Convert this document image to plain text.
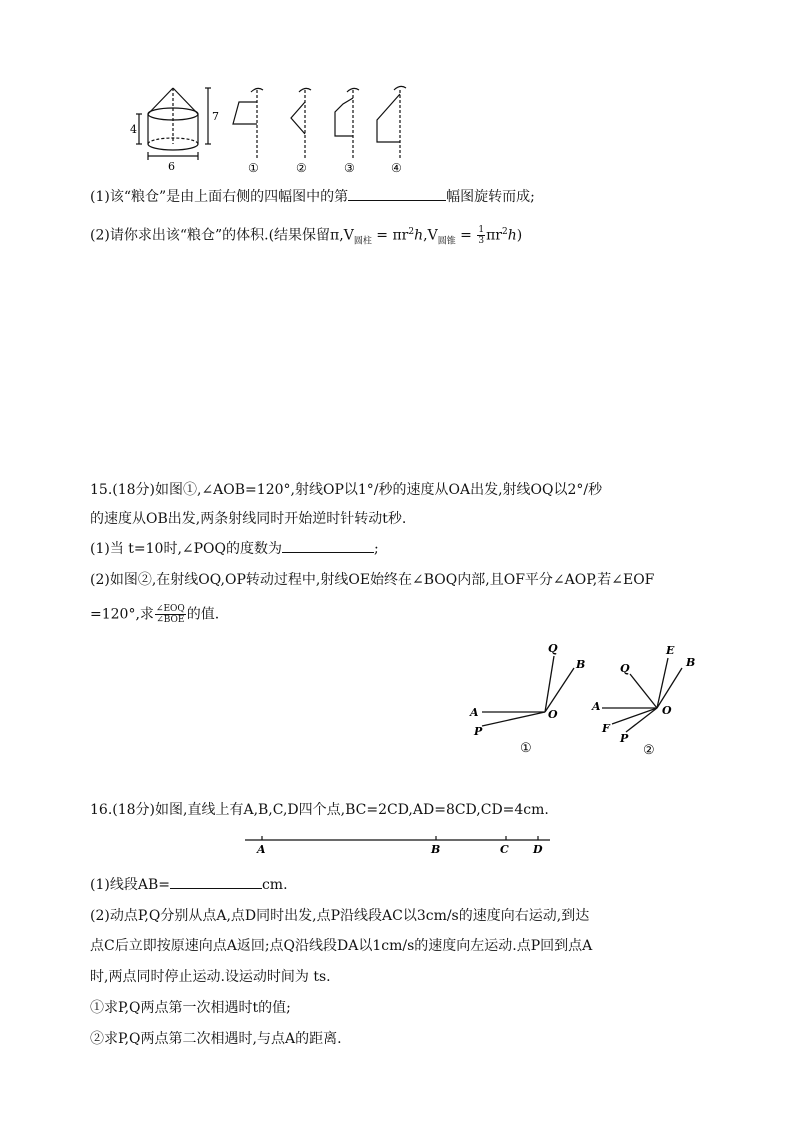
4
7
6	①	②	③	④
(1)该“粮仓”是由上面右侧的四幅图中的第	幅图旋转而成;
(2)请你求出该“粮仓”的体积.(结果保留$\pi,V_{圆柱} = \pi r^2h,V_{圆锥} = \frac{1}{3} \pi r^2h$)
15.(18分)如图①,∠AOB=120°,射线OP以1°/秒的速度从OA出发,射线OQ以2°/秒
的速度从OB出发,两条射线同时开始逆时针转动t秒.
(1)当 t=10时,∠POQ的度数为	;
(2)如图②,在射线OQ,OP转动过程中,射线OE始终在∠BOQ内部,且OF平分∠AOP,若∠EOF
=120°,求 $\frac{\text{∠EOQ}}{\text{∠BOE}}$ 的值.
Q
B
A	O
P
①
Q
E
B
A	O
F
P
②
16.(18分)如图,直线上有A,B,C,D四个点,BC=2CD,AD=8CD,CD=4cm.
A	B	C D
(1)线段AB=	cm.
(2)动点P,Q分别从点A,点D同时出发,点P沿线段AC以3cm/s的速度向右运动,到达
点C后立即按原速向点A返回;点Q沿线段DA以1cm/s的速度向左运动.点P回到点A
时,两点同时停止运动.设运动时间为 ts.
①求P,Q两点第一次相遇时t的值;
②求P,Q两点第二次相遇时,与点A的距离.
